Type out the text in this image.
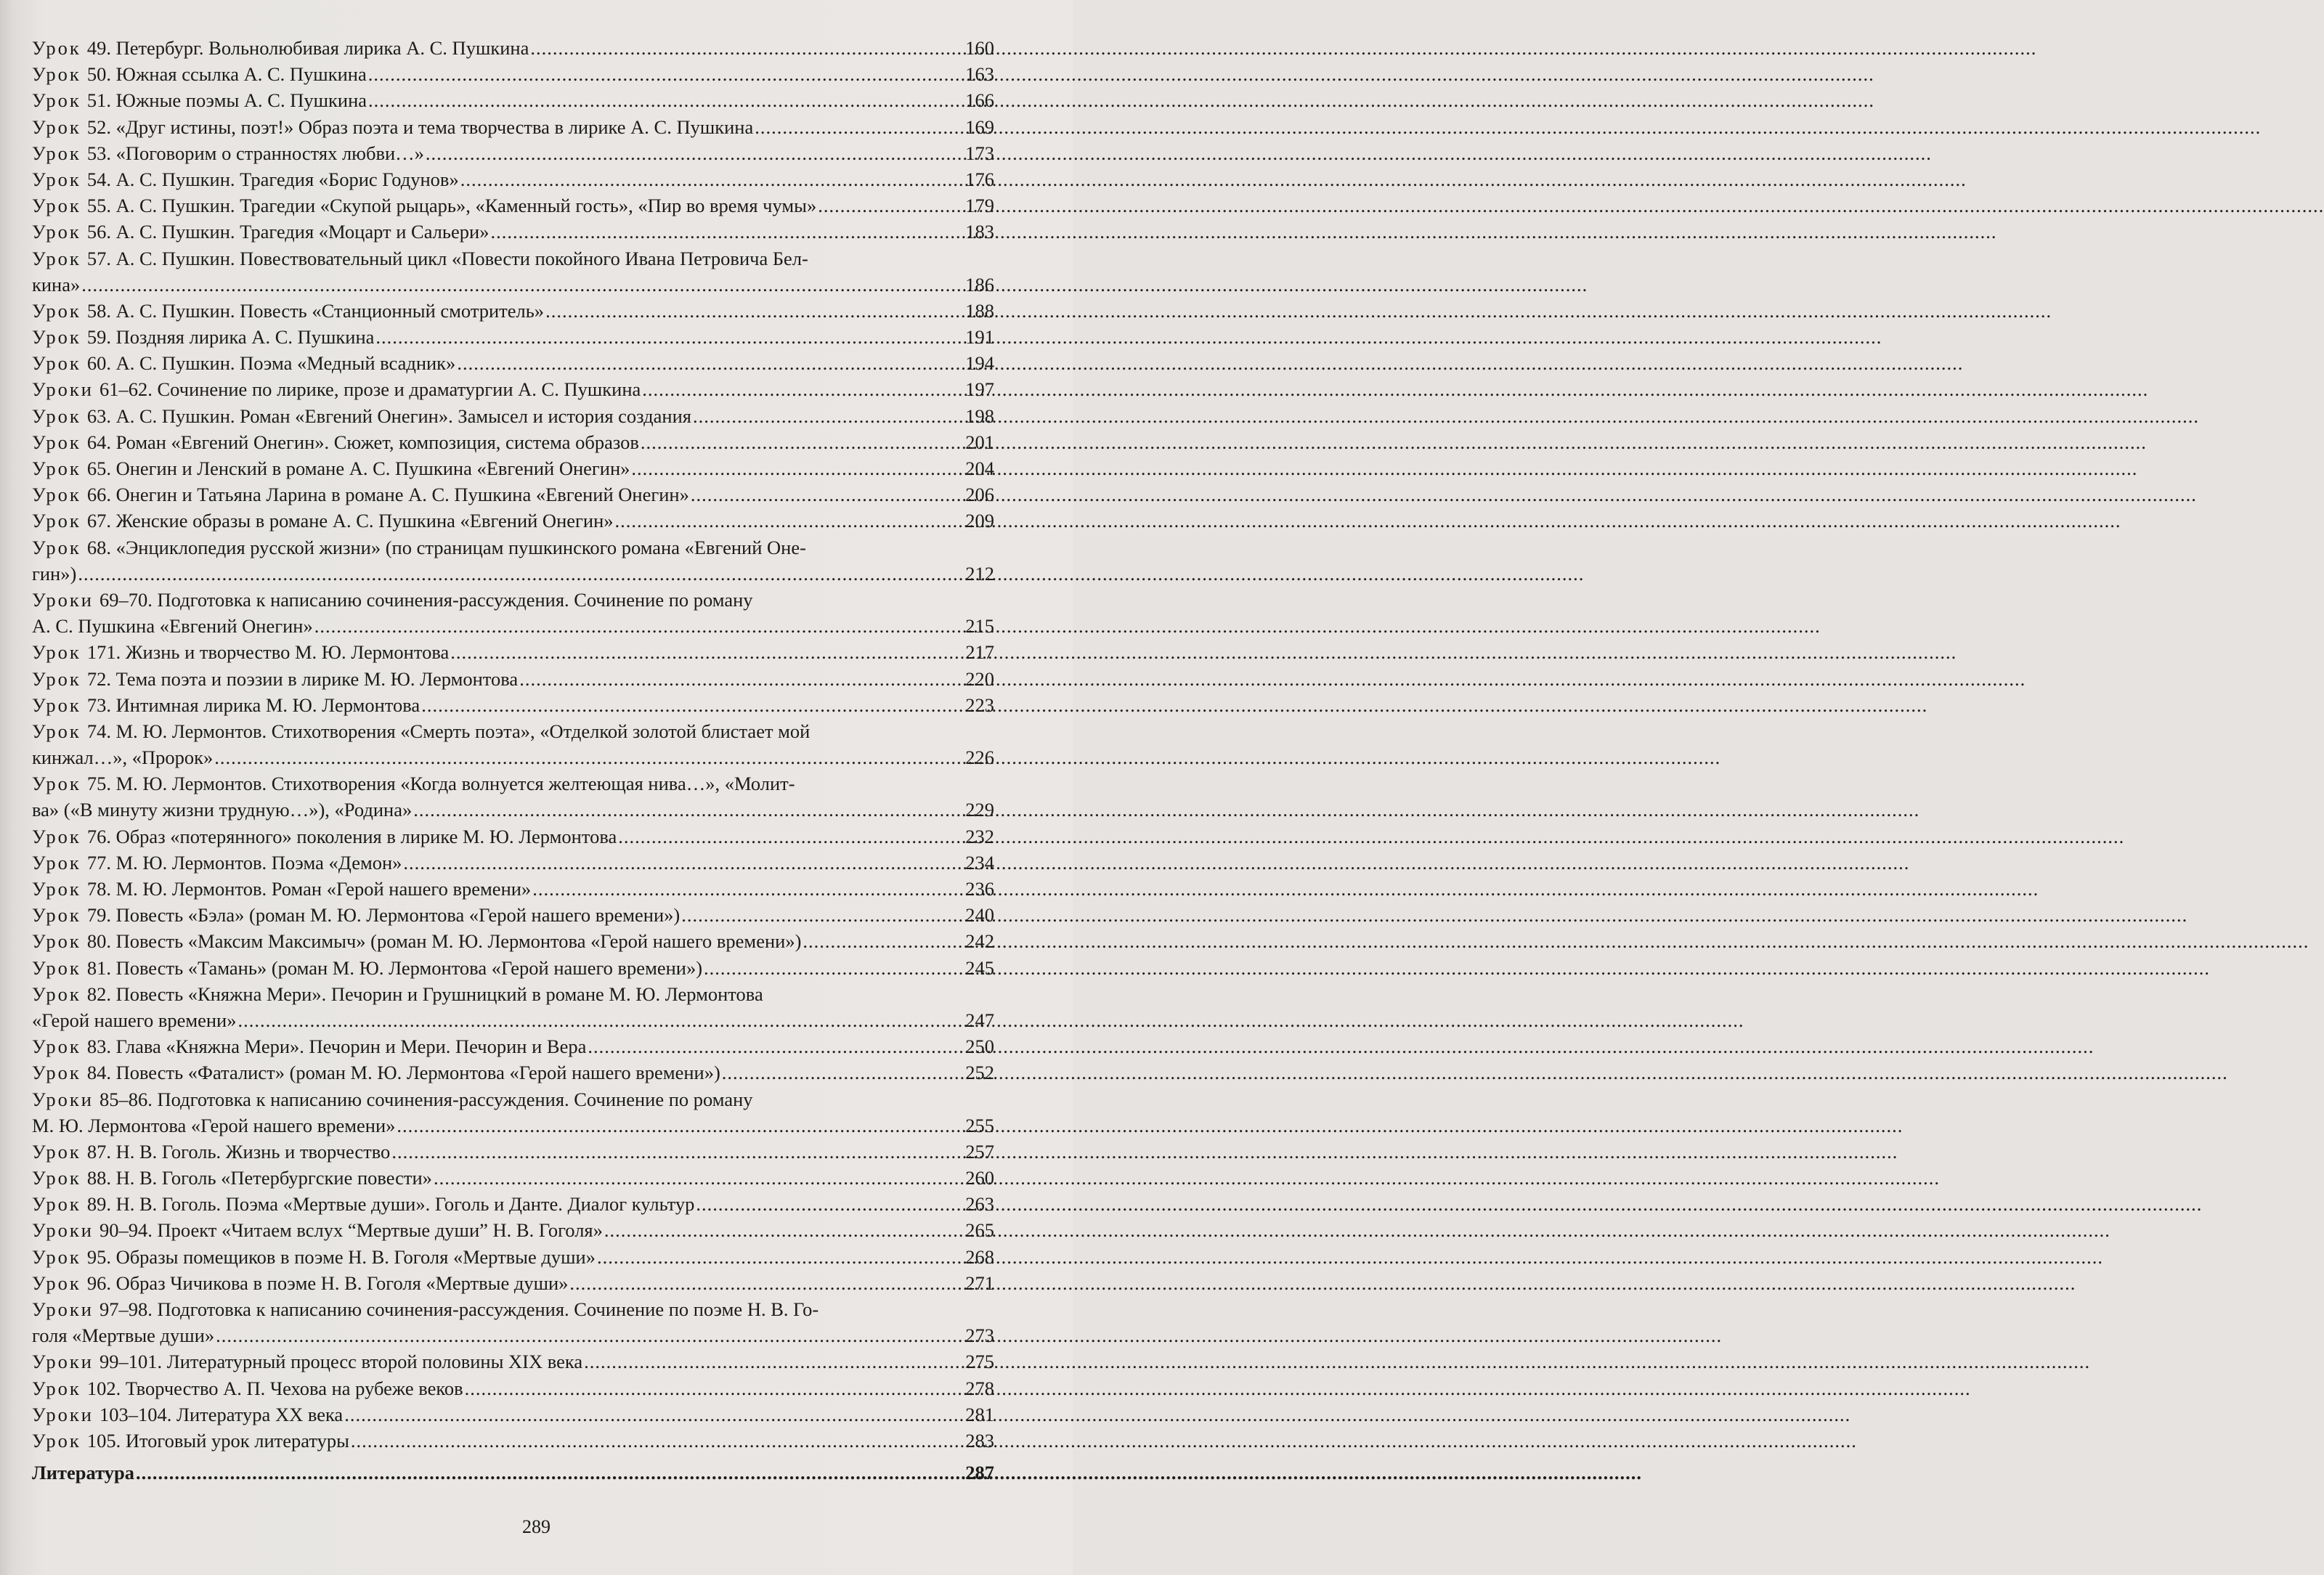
Урок 49. Петербург. Вольнолюбивая лирика А. С. Пушкина .....	160
Урок 50. Южная ссылка А. С. Пушкина .....	163
Урок 51. Южные поэмы А. С. Пушкина .....	166
Урок 52. «Друг истины, поэт!» Образ поэта и тема творчества в лирике А. С. Пушкина .....	169
Урок 53. «Поговорим о странностях любви…» .....	173
Урок 54. А. С. Пушкин. Трагедия «Борис Годунов» .....	176
Урок 55. А. С. Пушкин. Трагедии «Скупой рыцарь», «Каменный гость», «Пир во время чумы» .....	179
Урок 56. А. С. Пушкин. Трагедия «Моцарт и Сальери» .....	183
Урок 57. А. С. Пушкин. Повествовательный цикл «Повести покойного Ивана Петровича Бел-
кина» .....	186
Урок 58. А. С. Пушкин. Повесть «Станционный смотритель» .....	188
Урок 59. Поздняя лирика А. С. Пушкина .....	191
Урок 60. А. С. Пушкин. Поэма «Медный всадник» .....	194
Уроки 61–62. Сочинение по лирике, прозе и драматургии А. С. Пушкина .....	197
Урок 63. А. С. Пушкин. Роман «Евгений Онегин». Замысел и история создания .....	198
Урок 64. Роман «Евгений Онегин». Сюжет, композиция, система образов .....	201
Урок 65. Онегин и Ленский в романе А. С. Пушкина «Евгений Онегин» .....	204
Урок 66. Онегин и Татьяна Ларина в романе А. С. Пушкина «Евгений Онегин» .....	206
Урок 67. Женские образы в романе А. С. Пушкина «Евгений Онегин» .....	209
Урок 68. «Энциклопедия русской жизни» (по страницам пушкинского романа «Евгений Оне-
гин») .....	212
Уроки 69–70. Подготовка к написанию сочинения-рассуждения. Сочинение по роману
А. С. Пушкина «Евгений Онегин» .....	215
Урок 171. Жизнь и творчество М. Ю. Лермонтова .....	217
Урок 72. Тема поэта и поэзии в лирике М. Ю. Лермонтова .....	220
Урок 73. Интимная лирика М. Ю. Лермонтова .....	223
Урок 74. М. Ю. Лермонтов. Стихотворения «Смерть поэта», «Отделкой золотой блистает мой
кинжал…», «Пророк» .....	226
Урок 75. М. Ю. Лермонтов. Стихотворения «Когда волнуется желтеющая нива…», «Молит-
ва» («В минуту жизни трудную…»), «Родина» .....	229
Урок 76. Образ «потерянного» поколения в лирике М. Ю. Лермонтова .....	232
Урок 77. М. Ю. Лермонтов. Поэма «Демон» .....	234
Урок 78. М. Ю. Лермонтов. Роман «Герой нашего времени» .....	236
Урок 79. Повесть «Бэла» (роман М. Ю. Лермонтова «Герой нашего времени») .....	240
Урок 80. Повесть «Максим Максимыч» (роман М. Ю. Лермонтова «Герой нашего времени») .....	242
Урок 81. Повесть «Тамань» (роман М. Ю. Лермонтова «Герой нашего времени») .....	245
Урок 82. Повесть «Княжна Мери». Печорин и Грушницкий в романе М. Ю. Лермонтова
«Герой нашего времени» .....	247
Урок 83. Глава «Княжна Мери». Печорин и Мери. Печорин и Вера .....	250
Урок 84. Повесть «Фаталист» (роман М. Ю. Лермонтова «Герой нашего времени») .....	252
Уроки 85–86. Подготовка к написанию сочинения-рассуждения. Сочинение по роману
М. Ю. Лермонтова «Герой нашего времени» .....	255
Урок 87. Н. В. Гоголь. Жизнь и творчество .....	257
Урок 88. Н. В. Гоголь «Петербургские повести» .....	260
Урок 89. Н. В. Гоголь. Поэма «Мертвые души». Гоголь и Данте. Диалог культур .....	263
Уроки 90–94. Проект «Читаем вслух “Мертвые души” Н. В. Гоголя» .....	265
Урок 95. Образы помещиков в поэме Н. В. Гоголя «Мертвые души» .....	268
Урок 96. Образ Чичикова в поэме Н. В. Гоголя «Мертвые души» .....	271
Уроки 97–98. Подготовка к написанию сочинения-рассуждения. Сочинение по поэме Н. В. Го-
голя «Мертвые души» .....	273
Уроки 99–101. Литературный процесс второй половины XIX века .....	275
Урок 102. Творчество А. П. Чехова на рубеже веков .....	278
Уроки 103–104. Литература XX века .....	281
Урок 105. Итоговый урок литературы .....	283
Литература .....	287
289
